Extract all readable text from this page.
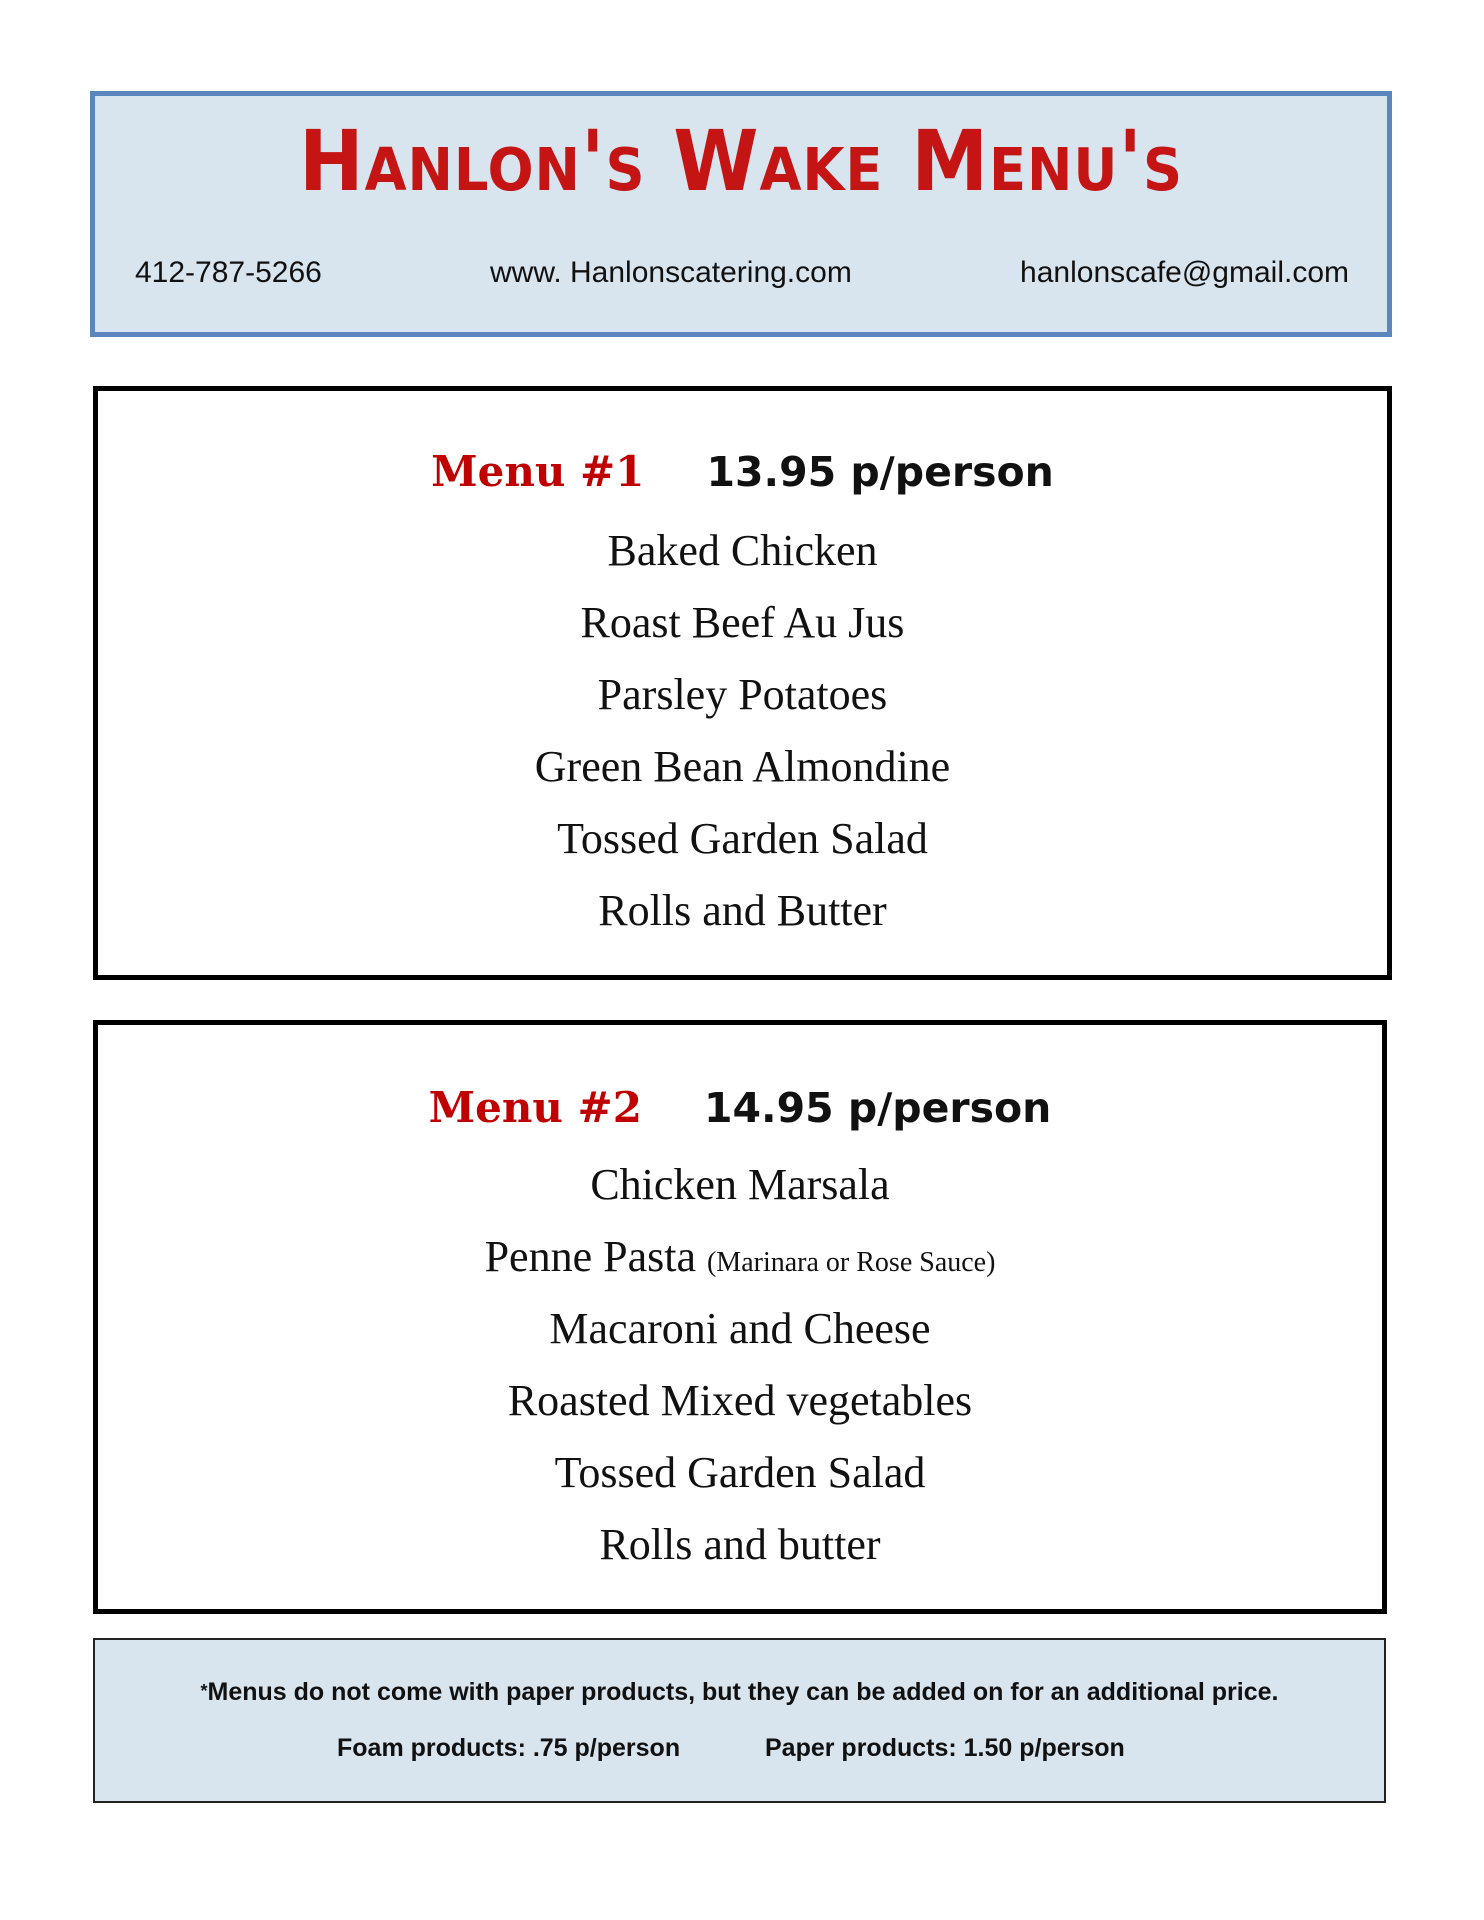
Hanlon's Wake Menu's
412-787-5266	www. Hanlonscatering.com	hanlonscafe@gmail.com
Menu #1 13.95 p/person
Baked Chicken
Roast Beef Au Jus
Parsley Potatoes
Green Bean Almondine
Tossed Garden Salad
Rolls and Butter
Menu #2 14.95 p/person
Chicken Marsala
Penne Pasta (Marinara or Rose Sauce)
Macaroni and Cheese
Roasted Mixed vegetables
Tossed Garden Salad
Rolls and butter
*Menus do not come with paper products, but they can be added on for an additional price.
Foam products: .75 p/person	Paper products: 1.50 p/person
